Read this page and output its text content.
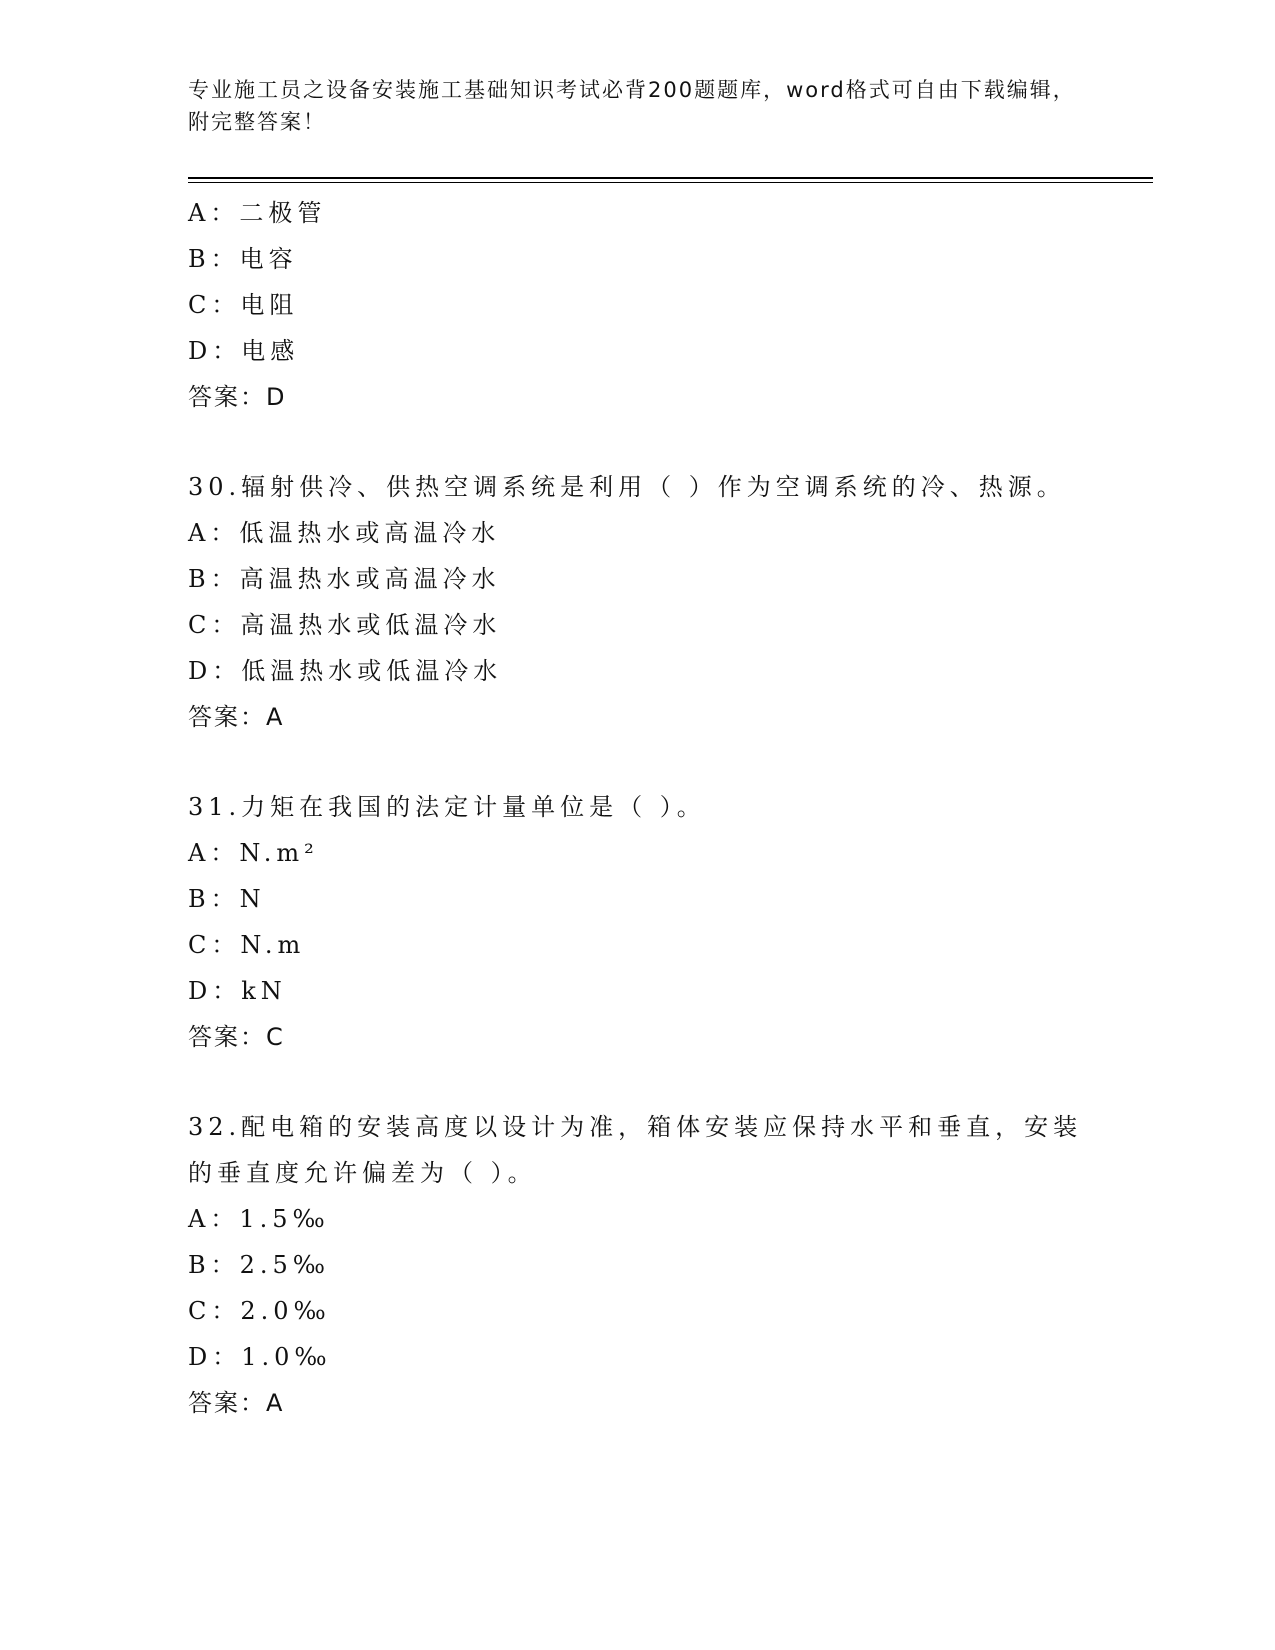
专业施工员之设备安装施工基础知识考试必背200题题库，word格式可自由下载编辑，附完整答案！
A：二极管
B：电容
C：电阻
D：电感
答案：D
30.辐射供冷、供热空调系统是利用（ ）作为空调系统的冷、热源。
A：低温热水或高温冷水
B：高温热水或高温冷水
C：高温热水或低温冷水
D：低温热水或低温冷水
答案：A
31.力矩在我国的法定计量单位是（ ）。
A：N.m²
B：N
C：N.m
D：kN
答案：C
32.配电箱的安装高度以设计为准，箱体安装应保持水平和垂直，安装的垂直度允许偏差为（ ）。
A：1.5‰
B：2.5‰
C：2.0‰
D：1.0‰
答案：A
